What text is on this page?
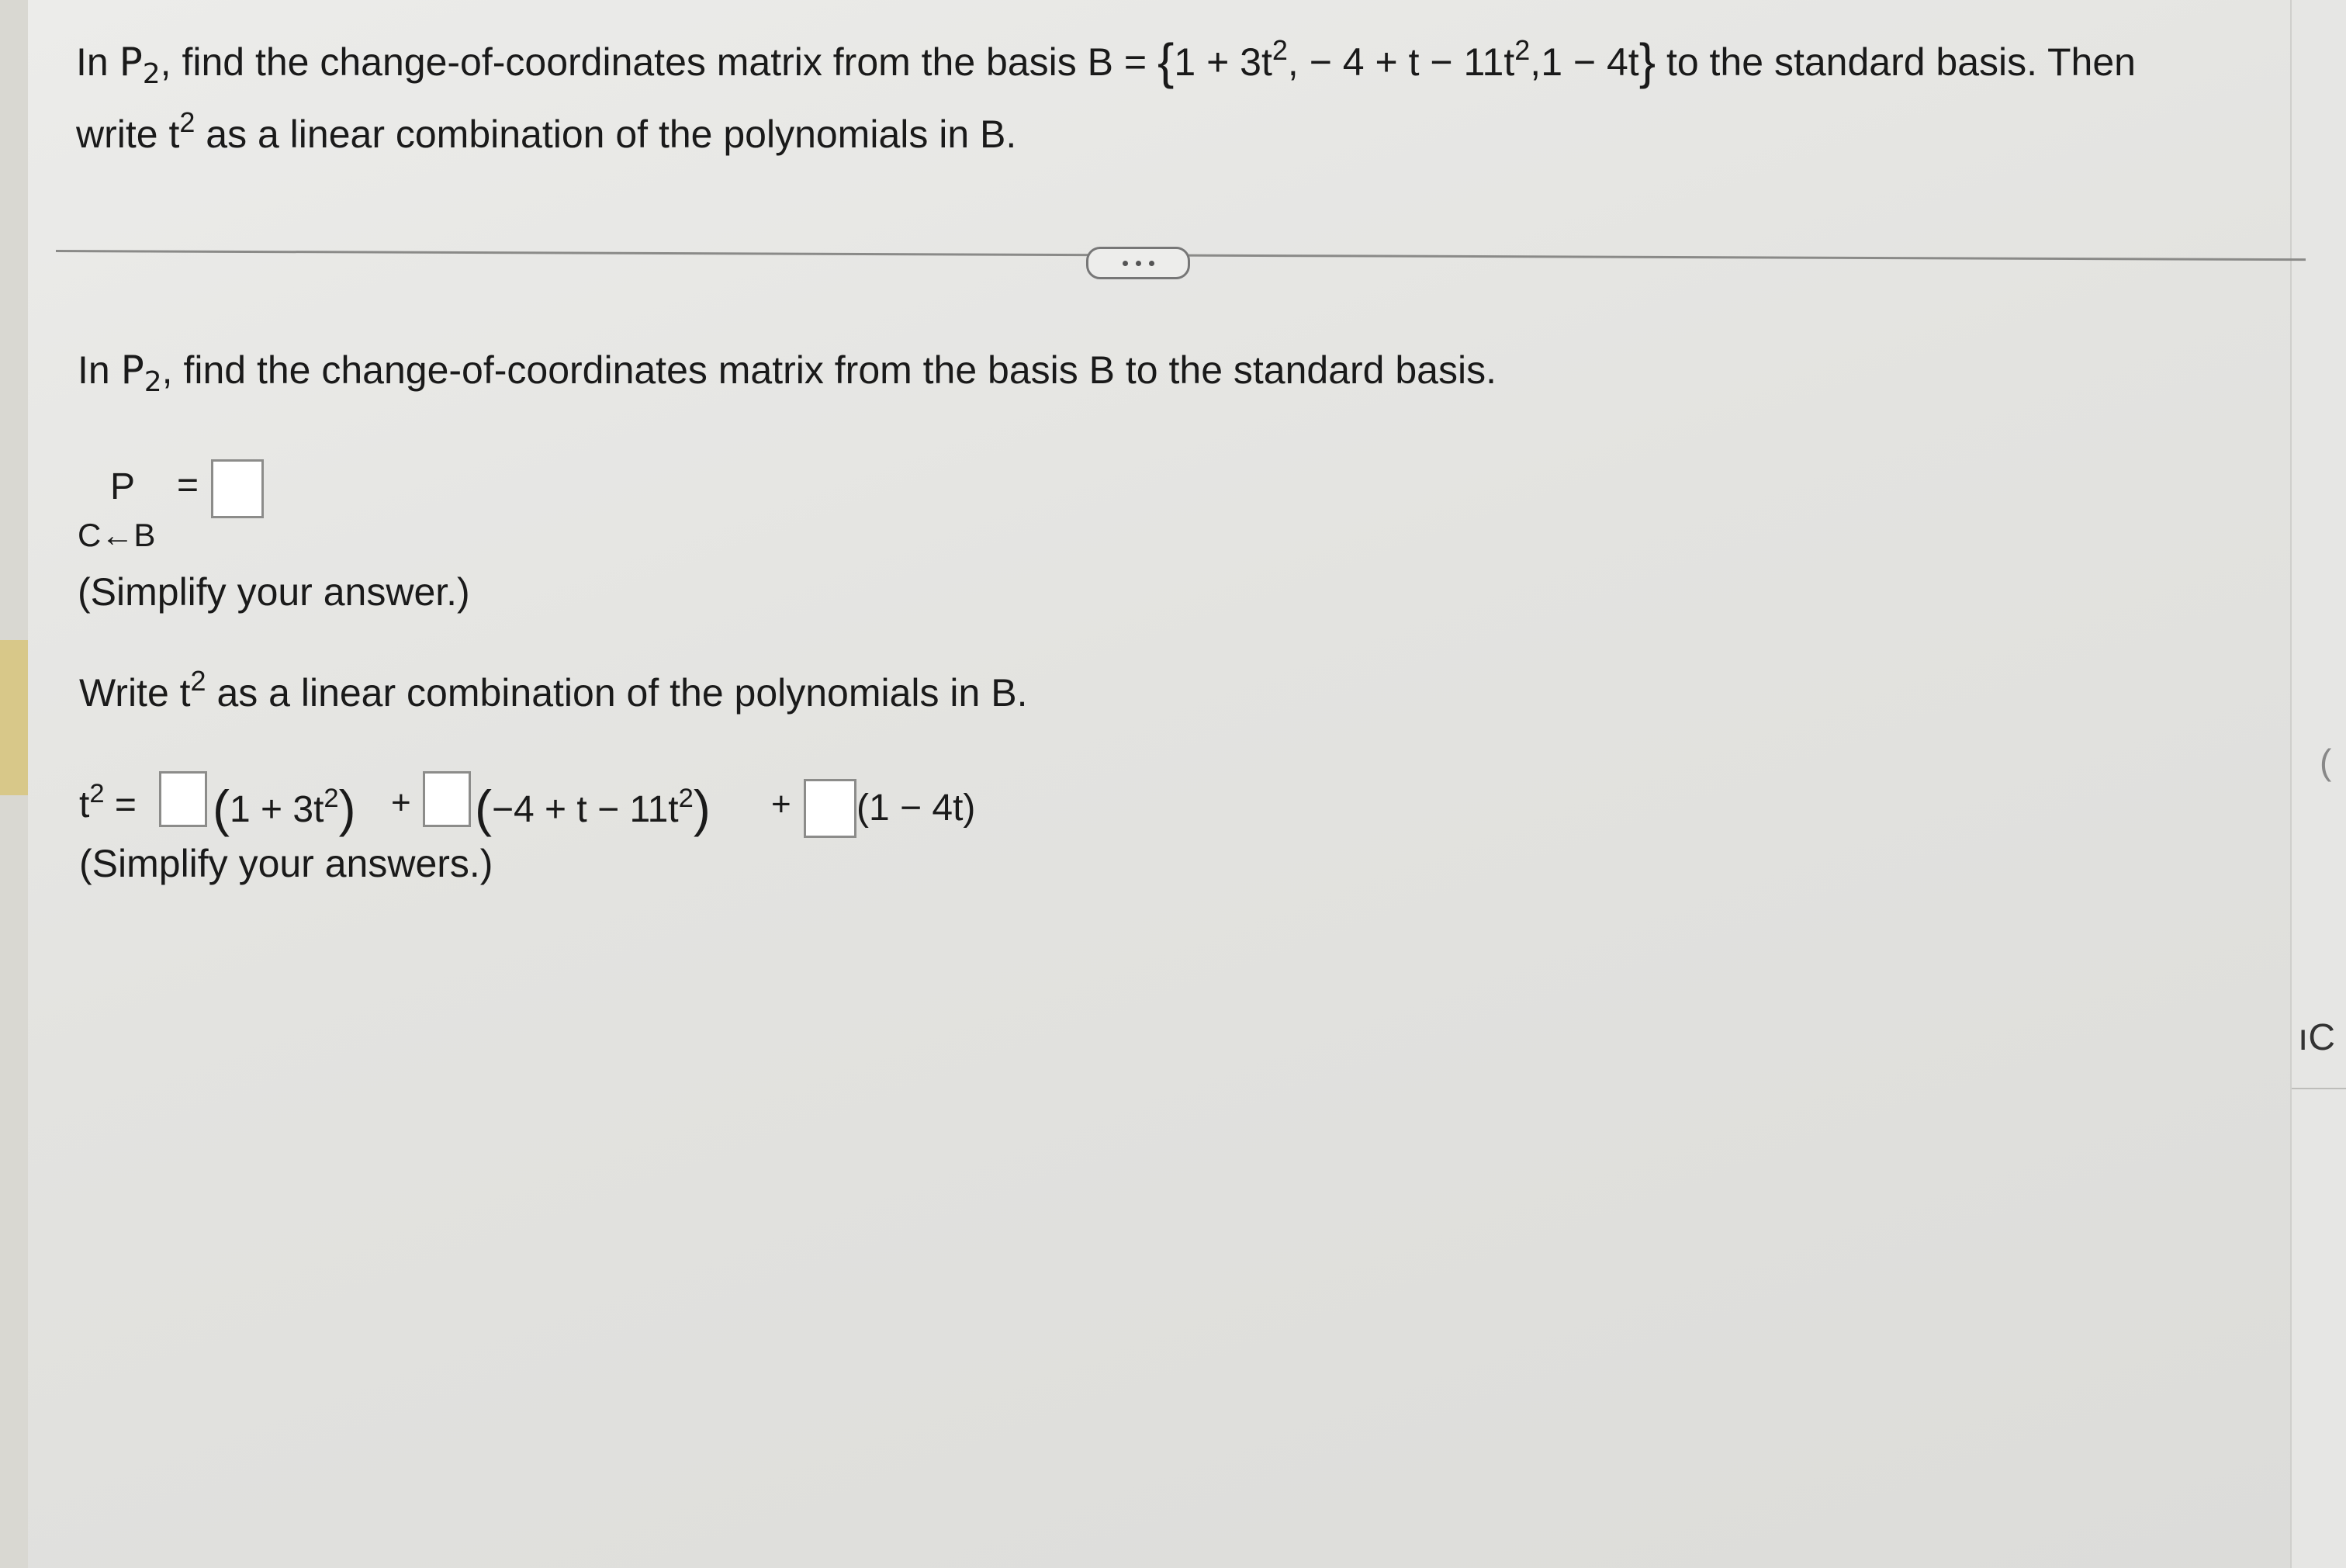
(
ıC
In $P_2$, find the change-of-coordinates matrix from the basis $B = \{1 + 3t^2$, − $4 + t - 11t^2,1 - 4t$} to the standard basis. Then
write $t^2$ as a linear combination of the polynomials in B.
In $P_2$, find the change-of-coordinates matrix from the basis B to the standard basis.
P =
C←B
(Simplify your answer.)
Write $t^2$ as a linear combination of the polynomials in B.
$t^2 = (1 + 3t^2) + (-4 + t - 11t^2) + (1 - 4t)$
(Simplify your answers.)
